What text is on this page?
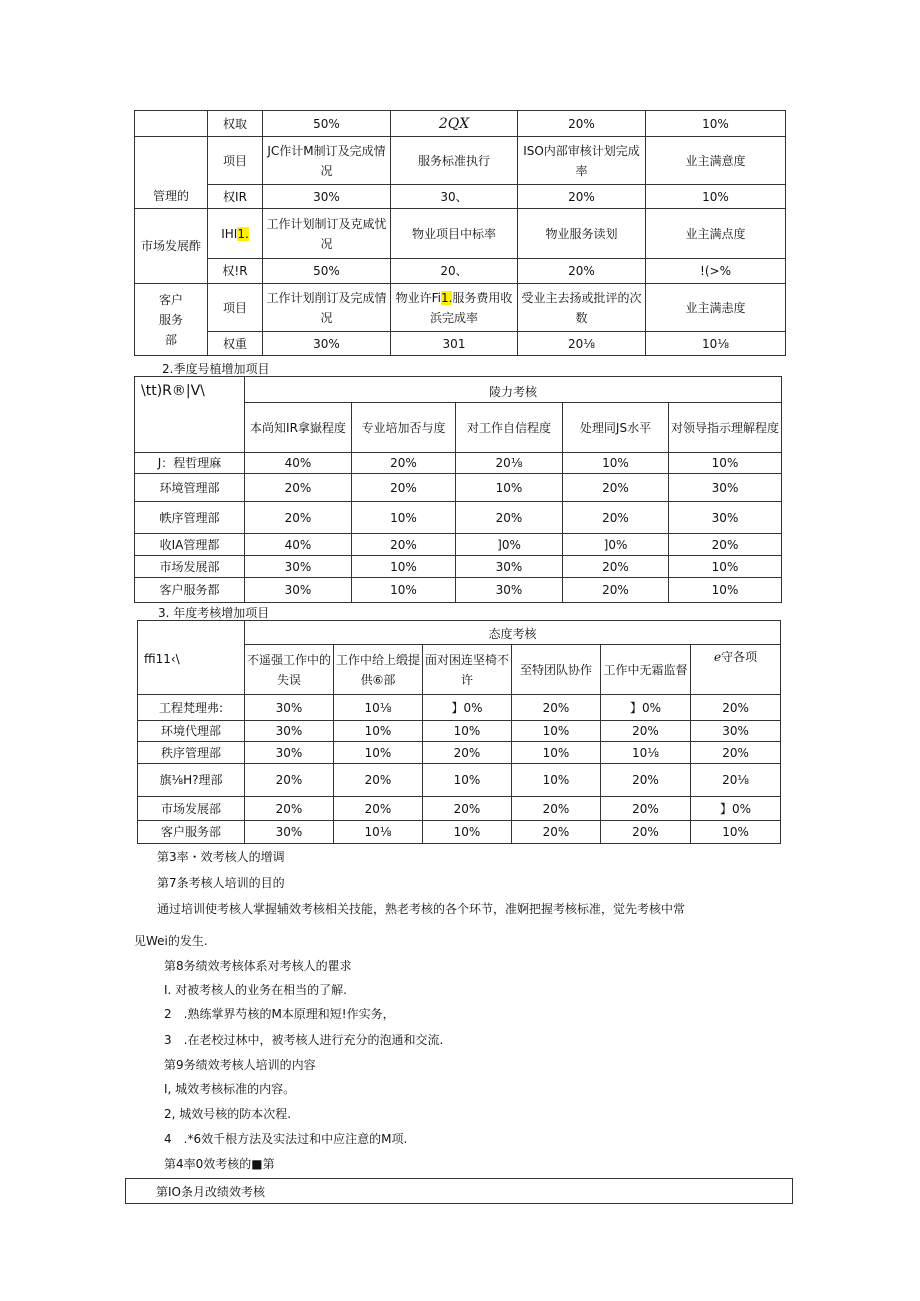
	权取	50%	2QX	20%	10%
管理的	项目	JC作计M制订及完成情况	服务标准执行	ISO内部审核计划完成率	业主满意度
	权IR	30%	30、	20%	10%
市场发展酢	IHI1.	工作计划制订及克咸忧况	物业项目中标率	物业服务读划	业主满点度
	权!R	50%	20、	20%	!(>%
客户服务部	项目	工作计划削订及完成情况	物业许Fi1.服务费用收浜完成率	受业主去扬或批评的次数	业主满恚度
	权重	30%	301	20⅛	10⅛
2.季度号植增加项目
\tt)R®|V\	陵力考核				
	本尚知IR拿嶽程度	专业培加否与度	对工作自信程度	处理同JS水平	对领导指示理解程度
J：程哲理麻	40%	20%	20⅛	10%	10%
环境管理部	20%	20%	10%	20%	30%
帙序管理部	20%	10%	20%	20%	30%
收IA管理都	40%	20%	]0%	]0%	20%
市场发展部	30%	10%	30%	20%	10%
客户服务都	30%	10%	30%	20%	10%
3. 年度考核增加项目
ffi11‹\	态度考核					
	不遥强工作中的失误	工作中给上缎提供⑥部	面对困连坚椅不许	至特团队协作	工作中无霜监督	ℯ守各项
工程梵理弗:	30%	10⅛	】0%	20%	】0%	20%
环境代理部	30%	10%	10%	10%	20%	30%
秩序管理部	30%	10%	20%	10%	10⅛	20%
旗⅛H?理部	20%	20%	10%	10%	20%	20⅛
市场发展部	20%	20%	20%	20%	20%	】0%
客户服务部	30%	10⅛	10%	20%	20%	10%
第3率・效考核人的增调
第7条考核人培训的目的
通过培训使考核人掌握辅效考核相关技能，熟老考核的各个环节，准婀把握考核标准，觉先考核中常
见Wei的发生.
第8务绩效考核体系对考核人的瞿求
I. 对被考核人的业务在相当的了解.
2　.熟练掌界芍核的M本原理和短!作实务，
3　.在老校过林中，被考核人进行充分的泡通和交流.
第9务绩效考核人培训的内容
I, 城效考核标准的内容。
2, 城效号核的防本次程.
4　.*6效千根方法及实法过和中应注意的M项.
第4率0效考核的■第
第IO条月改绩效考核
